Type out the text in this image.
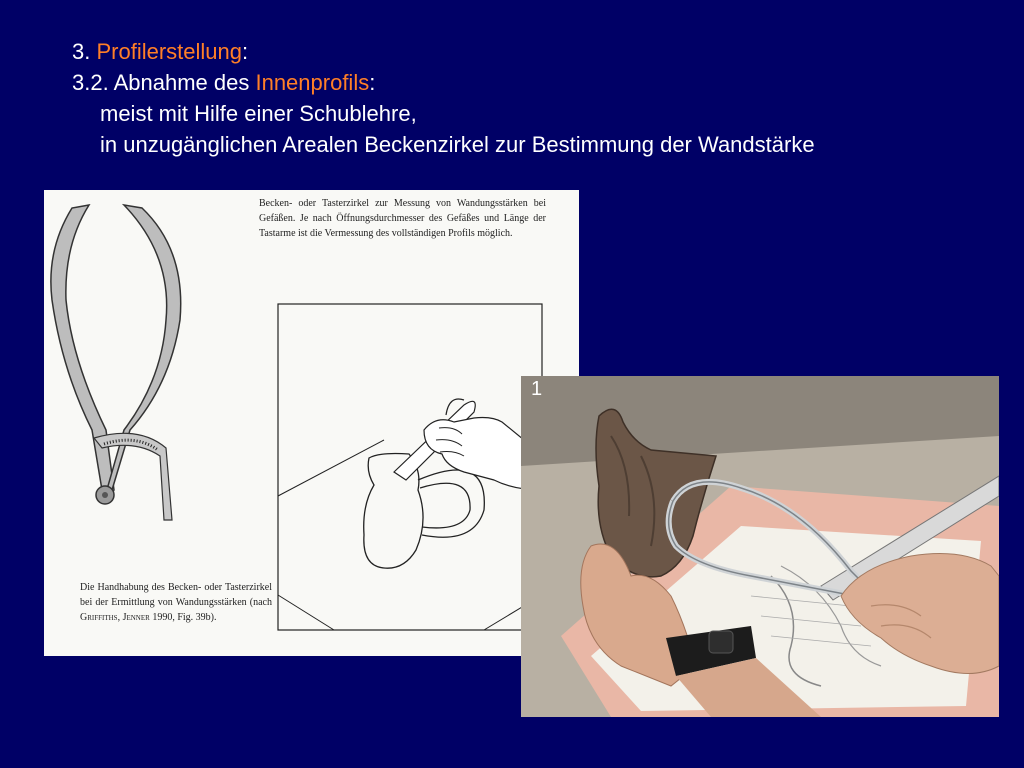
3. Profilerstellung:
3.2. Abnahme des Innenprofils:
meist mit Hilfe einer Schublehre,
in unzugänglichen Arealen Beckenzirkel zur Bestimmung der Wandstärke
Becken- oder Tasterzirkel zur Messung von Wandungsstärken bei Gefäßen. Je nach Öffnungsdurchmesser des Gefäßes und Länge der Tastarme ist die Vermessung des vollständigen Profils möglich.
Die Handhabung des Becken- oder Tasterzirkel bei der Ermittlung von Wandungsstärken (nach Griffiths, Jenner 1990, Fig. 39b).
1
